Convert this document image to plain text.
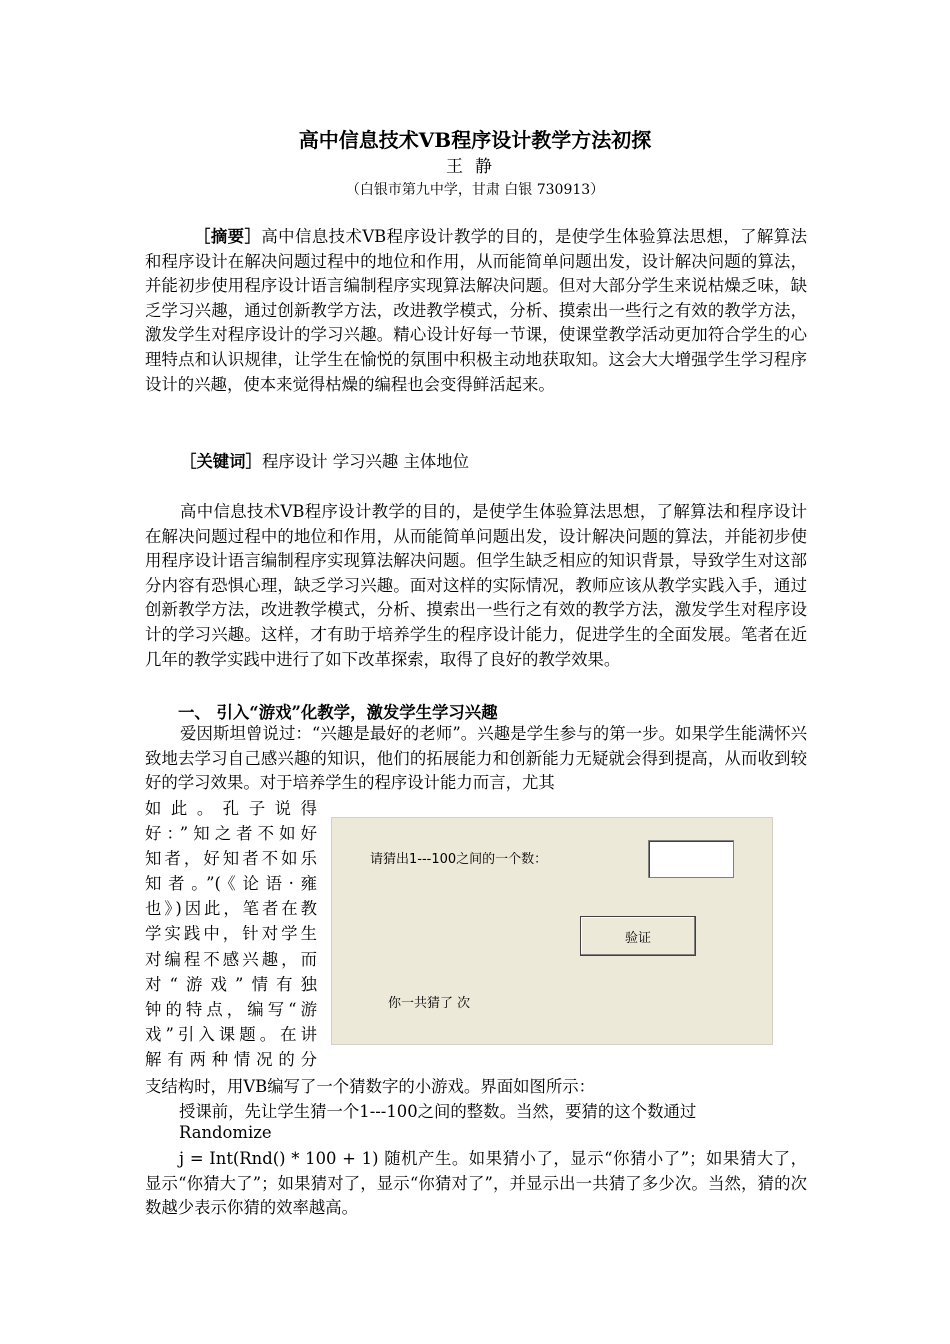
高中信息技术VB程序设计教学方法初探
王静
（白银市第九中学，甘肃 白银 730913）

［摘要］高中信息技术VB程序设计教学的目的，是使学生体验算法思想，了解算法和程序设计在解决问题过程中的地位和作用，从而能简单问题出发，设计解决问题的算法，并能初步使用程序设计语言编制程序实现算法解决问题。但对大部分学生来说枯燥乏味，缺乏学习兴趣，通过创新教学方法，改进教学模式，分析、摸索出一些行之有效的教学方法，激发学生对程序设计的学习兴趣。精心设计好每一节课，使课堂教学活动更加符合学生的心理特点和认识规律，让学生在愉悦的氛围中积极主动地获取知。这会大大增强学生学习程序设计的兴趣，使本来觉得枯燥的编程也会变得鲜活起来。

［关键词］程序设计 学习兴趣 主体地位

高中信息技术VB程序设计教学的目的，是使学生体验算法思想，了解算法和程序设计在解决问题过程中的地位和作用，从而能简单问题出发，设计解决问题的算法，并能初步使用程序设计语言编制程序实现算法解决问题。但学生缺乏相应的知识背景，导致学生对这部分内容有恐惧心理，缺乏学习兴趣。面对这样的实际情况，教师应该从教学实践入手，通过创新教学方法，改进教学模式，分析、摸索出一些行之有效的教学方法，激发学生对程序设计的学习兴趣。这样，才有助于培养学生的程序设计能力，促进学生的全面发展。笔者在近几年的教学实践中进行了如下改革探索，取得了良好的教学效果。

一、 引入“游戏”化教学，激发学生学习兴趣

爱因斯坦曾说过：“兴趣是最好的老师”。兴趣是学生参与的第一步。如果学生能满怀兴致地去学习自己感兴趣的知识，他们的拓展能力和创新能力无疑就会得到提高，从而收到较好的学习效果。对于培养学生的程序设计能力而言，尤其

如此。孔子说得
好：”知之者不如好
知者，好知者不如乐
知者。”(《论语·雍
也》)因此，笔者在教
学实践中，针对学生
对编程不感兴趣，而
对“游戏”情有独
钟的特点，编写“游
戏”引入课题。在讲
解有两种情况的分
请猜出1---100之间的一个数：
验证
你一共猜了 次
支结构时，用VB编写了一个猜数字的小游戏。界面如图所示：
授课前，先让学生猜一个1---100之间的整数。当然，要猜的这个数通过
Randomize

j = Int(Rnd() * 100 + 1) 随机产生。如果猜小了，显示“你猜小了”；如果猜大了，显示“你猜大了”；如果猜对了，显示“你猜对了”，并显示出一共猜了多少次。当然，猜的次数越少表示你猜的效率越高。
